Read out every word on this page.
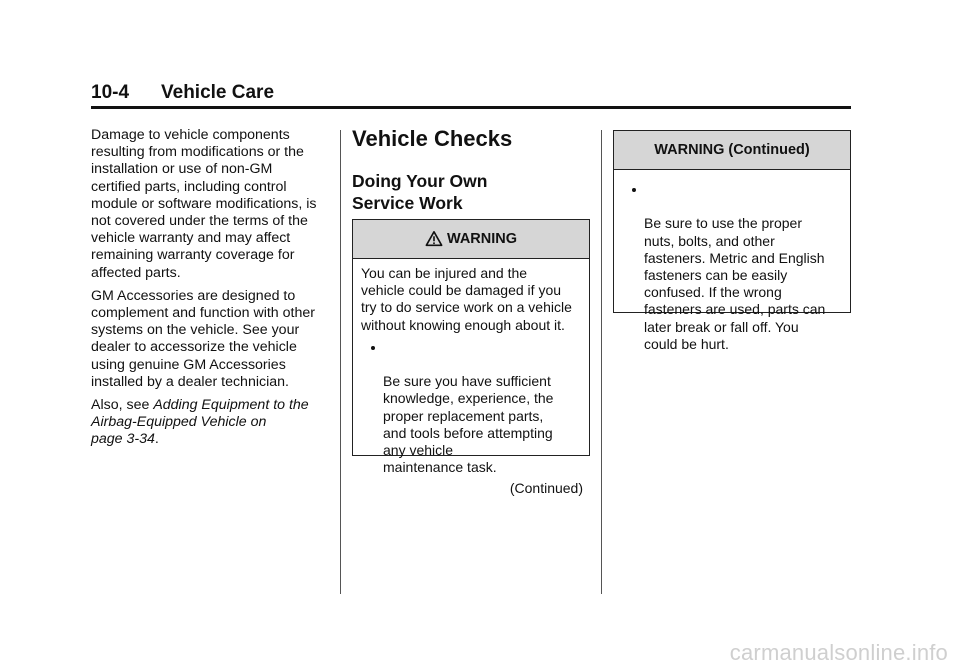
10-4 Vehicle Care

Damage to vehicle components
resulting from modifications or the
installation or use of non-GM
certified parts, including control
module or software modifications, is
not covered under the terms of the
vehicle warranty and may affect
remaining warranty coverage for
affected parts.

GM Accessories are designed to
complement and function with other
systems on the vehicle. See your
dealer to accessorize the vehicle
using genuine GM Accessories
installed by a dealer technician.

Also, see Adding Equipment to the
Airbag-Equipped Vehicle on
page 3-34.

Vehicle Checks
Doing Your Own
Service Work
WARNING

You can be injured and the
vehicle could be damaged if you
try to do service work on a vehicle
without knowing enough about it.

Be sure you have sufficient
knowledge, experience, the
proper replacement parts,
and tools before attempting
any vehicle
maintenance task.

(Continued)
WARNING (Continued)

Be sure to use the proper
nuts, bolts, and other
fasteners. Metric and English
fasteners can be easily
confused. If the wrong
fasteners are used, parts can
later break or fall off. You
could be hurt.

carmanualsonline.info
